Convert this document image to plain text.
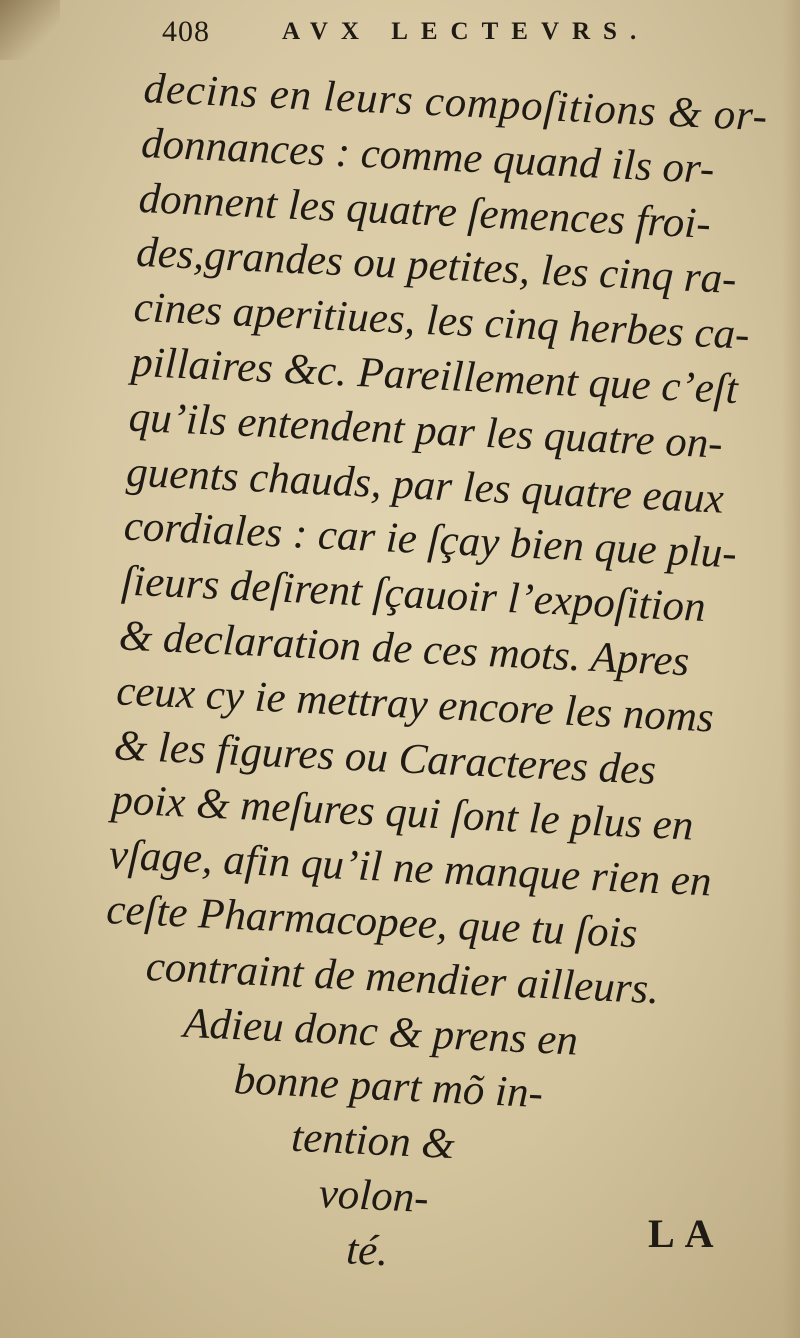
408	AVX LECTEVRS.
decins en leurs compoſitions & or-
donnances : comme quand ils or-
donnent les quatre ſemences froi-
des,grandes ou petites, les cinq ra-
cines aperitiues, les cinq herbes ca-
pillaires &c. Pareillement que c’eſt
qu’ils entendent par les quatre on-
guents chauds, par les quatre eaux
cordiales : car ie ſçay bien que plu-
ſieurs deſirent ſçauoir l’expoſition
& declaration de ces mots. Apres
ceux cy ie mettray encore les noms
& les figures ou Caracteres des
poix & meſures qui ſont le plus en
vſage, afin qu’il ne manque rien en
ceſte Pharmacopee, que tu ſois
contraint de mendier ailleurs.
Adieu donc & prens en
bonne part mõ in-
tention &
volon-
té.	LA
